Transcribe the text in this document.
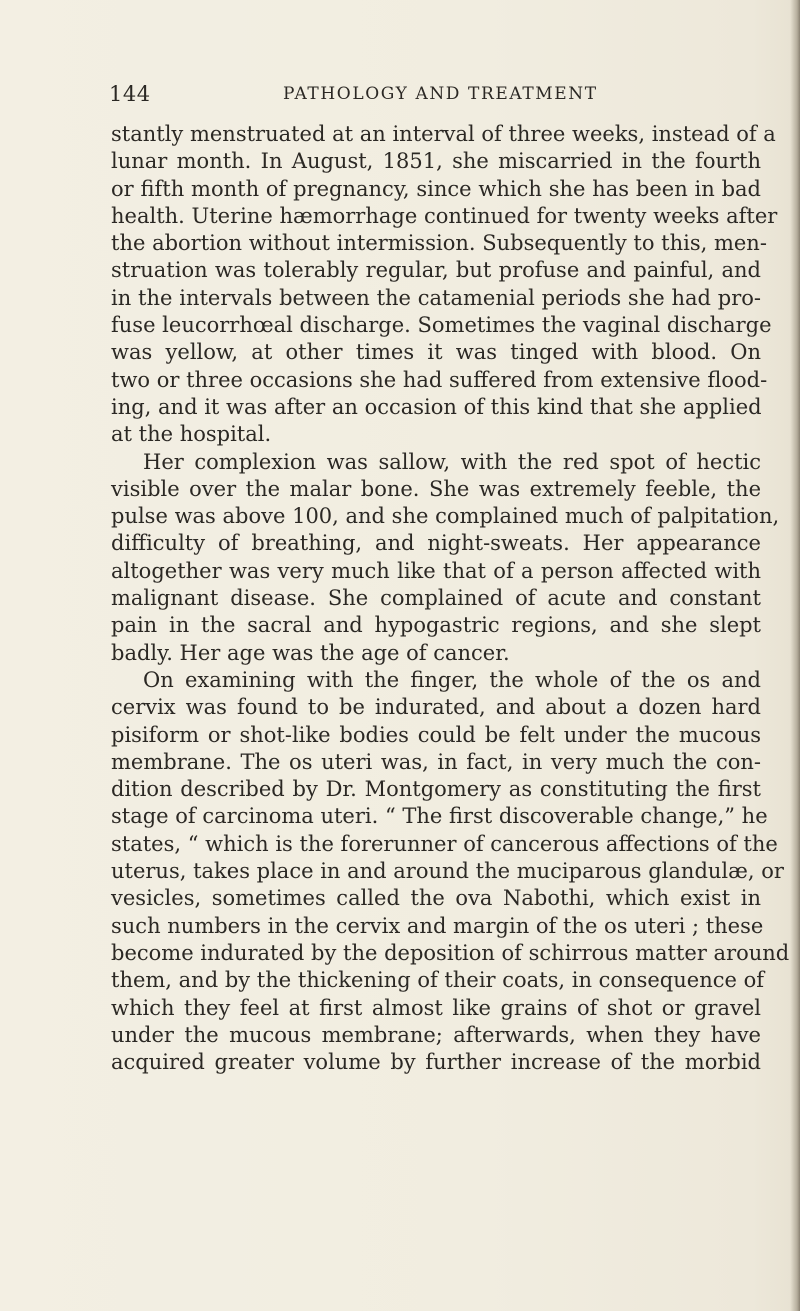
144	PATHOLOGY AND TREATMENT
stantly menstruated at an interval of three weeks, instead of a
lunar month. In August, 1851, she miscarried in the fourth
or fifth month of pregnancy, since which she has been in bad
health. Uterine hæmorrhage continued for twenty weeks after
the abortion without intermission. Subsequently to this, men-
struation was tolerably regular, but profuse and painful, and
in the intervals between the catamenial periods she had pro-
fuse leucorrhœal discharge. Sometimes the vaginal discharge
was yellow, at other times it was tinged with blood. On
two or three occasions she had suffered from extensive flood-
ing, and it was after an occasion of this kind that she applied
at the hospital.
Her complexion was sallow, with the red spot of hectic
visible over the malar bone. She was extremely feeble, the
pulse was above 100, and she complained much of palpitation,
difficulty of breathing, and night-sweats. Her appearance
altogether was very much like that of a person affected with
malignant disease. She complained of acute and constant
pain in the sacral and hypogastric regions, and she slept
badly. Her age was the age of cancer.
On examining with the finger, the whole of the os and
cervix was found to be indurated, and about a dozen hard
pisiform or shot-like bodies could be felt under the mucous
membrane. The os uteri was, in fact, in very much the con-
dition described by Dr. Montgomery as constituting the first
stage of carcinoma uteri. “ The first discoverable change,” he
states, “ which is the forerunner of cancerous affections of the
uterus, takes place in and around the muciparous glandulæ, or
vesicles, sometimes called the ova Nabothi, which exist in
such numbers in the cervix and margin of the os uteri ; these
become indurated by the deposition of schirrous matter around
them, and by the thickening of their coats, in consequence of
which they feel at first almost like grains of shot or gravel
under the mucous membrane; afterwards, when they have
acquired greater volume by further increase of the morbid
